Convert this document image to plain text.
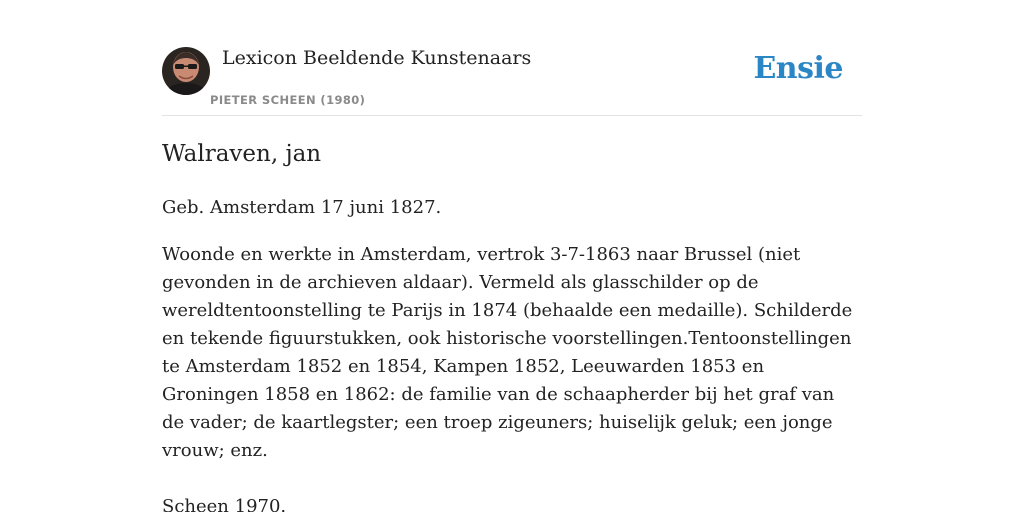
Lexicon Beeldende Kunstenaars
PIETER SCHEEN (1980)
Ensie
Walraven, jan

Geb. Amsterdam 17 juni 1827.

Woonde en werkte in Amsterdam, vertrok 3-7-1863 naar Brussel (niet gevonden in de archieven aldaar). Vermeld als glasschilder op de wereldtentoonstelling te Parijs in 1874 (behaalde een medaille). Schilderde en tekende figuurstukken, ook historische voorstellingen.Tentoonstellingen te Amsterdam 1852 en 1854, Kampen 1852, Leeuwarden 1853 en Groningen 1858 en 1862: de familie van de schaapherder bij het graf van de vader; de kaartlegster; een troep zigeuners; huiselijk geluk; een jonge vrouw; enz.

Scheen 1970.
